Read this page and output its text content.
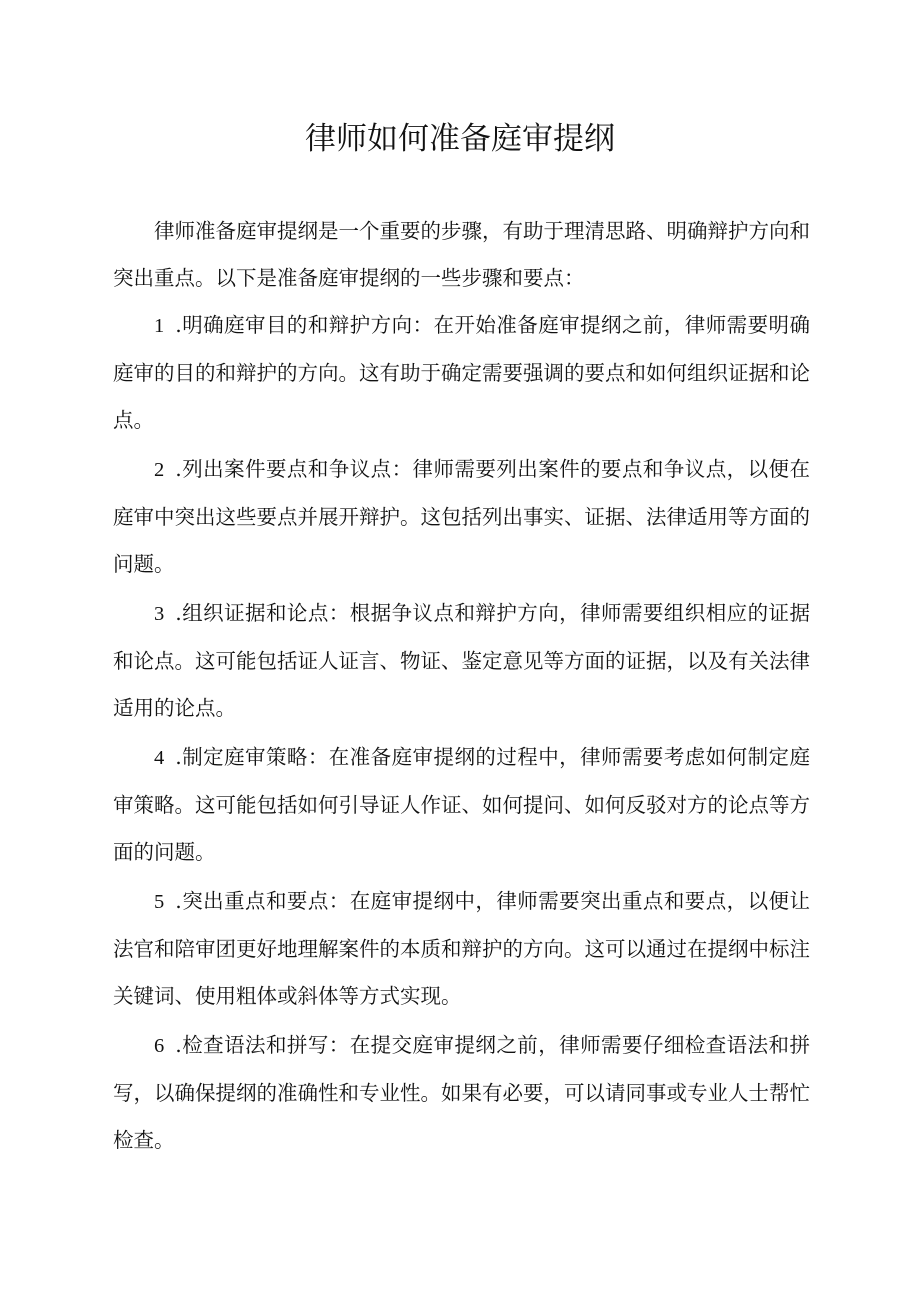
律师如何准备庭审提纲

律师准备庭审提纲是一个重要的步骤，有助于理清思路、明确辩护方向和突出重点。以下是准备庭审提纲的一些步骤和要点：

1 .明确庭审目的和辩护方向：在开始准备庭审提纲之前，律师需要明确庭审的目的和辩护的方向。这有助于确定需要强调的要点和如何组织证据和论点。

2 .列出案件要点和争议点：律师需要列出案件的要点和争议点，以便在庭审中突出这些要点并展开辩护。这包括列出事实、证据、法律适用等方面的问题。

3 .组织证据和论点：根据争议点和辩护方向，律师需要组织相应的证据和论点。这可能包括证人证言、物证、鉴定意见等方面的证据，以及有关法律适用的论点。

4 .制定庭审策略：在准备庭审提纲的过程中，律师需要考虑如何制定庭审策略。这可能包括如何引导证人作证、如何提问、如何反驳对方的论点等方面的问题。

5 .突出重点和要点：在庭审提纲中，律师需要突出重点和要点，以便让法官和陪审团更好地理解案件的本质和辩护的方向。这可以通过在提纲中标注关键词、使用粗体或斜体等方式实现。

6 .检查语法和拼写：在提交庭审提纲之前，律师需要仔细检查语法和拼写，以确保提纲的准确性和专业性。如果有必要，可以请同事或专业人士帮忙检查。
